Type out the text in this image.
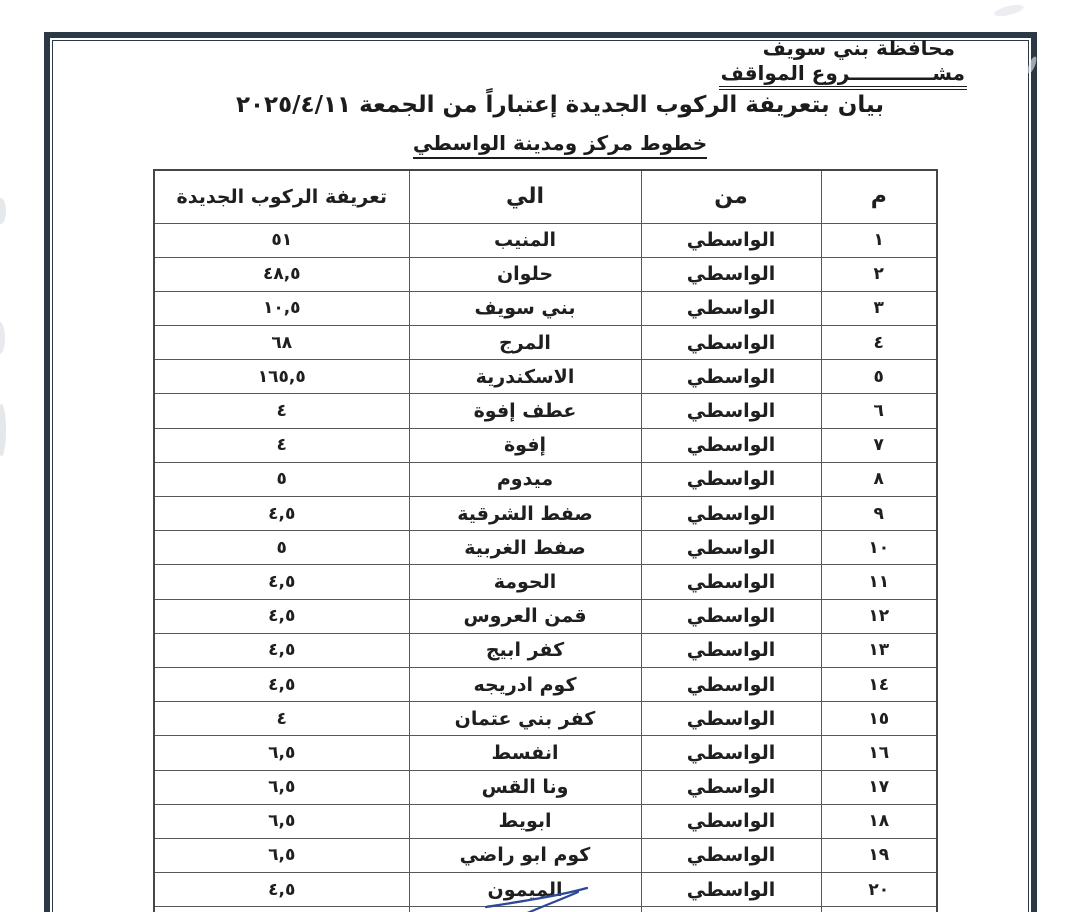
محافظة بني سويف
مشــــــــــــروع المواقف
بيان بتعريفة الركوب الجديدة إعتباراً من الجمعة ٢٠٢٥/٤/١١
خطوط مركز ومدينة الواسطي
م	من	الي	تعريفة الركوب الجديدة
١	الواسطي	المنيب	٥١
٢	الواسطي	حلوان	٤٨,٥
٣	الواسطي	بني سويف	١٠,٥
٤	الواسطي	المرج	٦٨
٥	الواسطي	الاسكندرية	١٦٥,٥
٦	الواسطي	عطف إفوة	٤
٧	الواسطي	إفوة	٤
٨	الواسطي	ميدوم	٥
٩	الواسطي	صفط الشرقية	٤,٥
١٠	الواسطي	صفط الغربية	٥
١١	الواسطي	الحومة	٤,٥
١٢	الواسطي	قمن العروس	٤,٥
١٣	الواسطي	كفر ابيج	٤,٥
١٤	الواسطي	كوم ادريجه	٤,٥
١٥	الواسطي	كفر بني عتمان	٤
١٦	الواسطي	انفسط	٦,٥
١٧	الواسطي	ونا القس	٦,٥
١٨	الواسطي	ابويط	٦,٥
١٩	الواسطي	كوم ابو راضي	٦,٥
٢٠	الواسطي	الميمون	٤,٥
